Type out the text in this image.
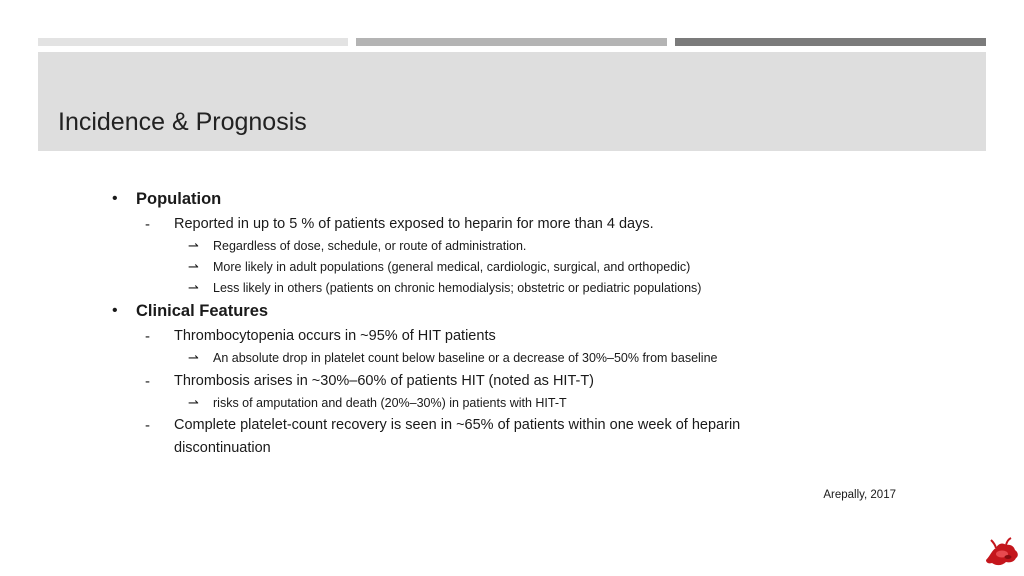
Incidence & Prognosis
• Population
- Reported in up to 5 % of patients exposed to heparin for more than 4 days.
⇀ Regardless of dose, schedule, or route of administration.
⇀ More likely in adult populations (general medical, cardiologic, surgical, and orthopedic)
⇀ Less likely in others (patients on chronic hemodialysis; obstetric or pediatric populations)
• Clinical Features
- Thrombocytopenia occurs in ~95% of HIT patients
⇀ An absolute drop in platelet count below baseline or a decrease of 30%–50% from baseline
- Thrombosis arises in ~30%–60% of patients HIT (noted as HIT-T)
⇀ risks of amputation and death (20%–30%) in patients with HIT-T
- Complete platelet-count recovery is seen in ~65% of patients within one week of heparin
discontinuation
Arepally, 2017
